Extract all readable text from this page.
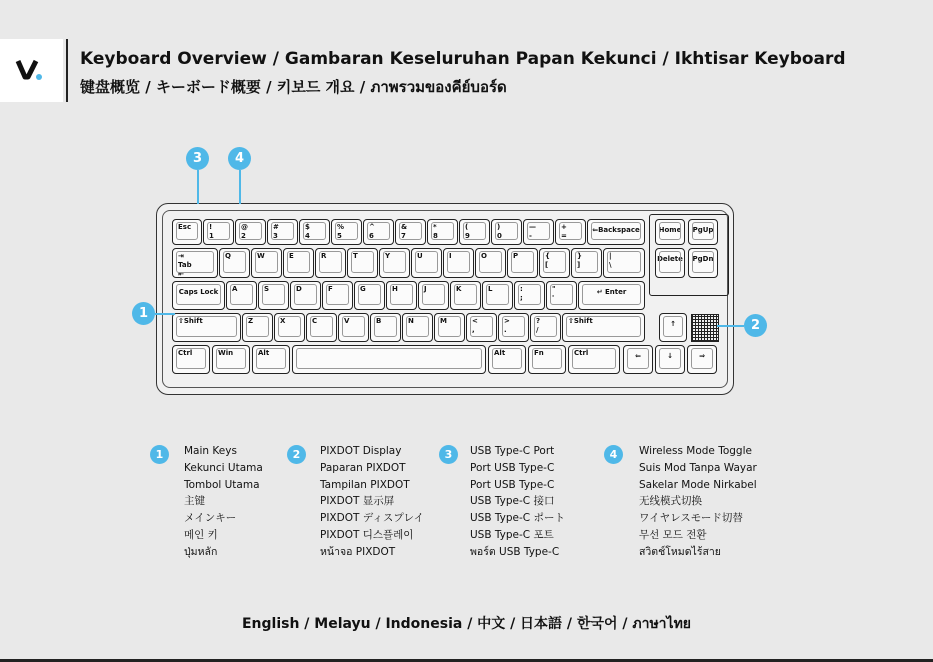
Keyboard Overview / Gambaran Keseluruhan Papan Kekunci / Ikhtisar Keyboard
键盘概览 / キーボード概要 / 키보드 개요 / ภาพรวมของคีย์บอร์ด
Esc	!
1
@
2
#
3
$
4
%
5
^
6
&
7
*
8
(
9
)
0
—
-
+
=
⇐Backspace	Home	PgUp
⇥
Tab
⇤
Q	W	E	R	T	Y	U	I	O	P	{
[
}
]
|
\
Delete	PgDn
Caps Lock	A	S	D	F	G	H	J	K	L	:
;
"
'
↵ Enter
⇧Shift	Z	X	C	V	B	N	M	<
,
>
.
?
/
⇧Shift	↑
Ctrl	Win	Alt	Alt	Fn	Ctrl	⇐	↓	⇒
3	4
1
2
1	Main Keys
Kekunci Utama
Tombol Utama
主键
メインキー
메인 키
ปุ่มหลัก
2	PIXDOT Display
Paparan PIXDOT
Tampilan PIXDOT
PIXDOT 显示屏
PIXDOT ディスプレイ
PIXDOT 디스플레이
หน้าจอ PIXDOT
3	USB Type-C Port
Port USB Type-C
Port USB Type-C
USB Type-C 接口
USB Type-C ポート
USB Type-C 포트
พอร์ต USB Type-C
4	Wireless Mode Toggle
Suis Mod Tanpa Wayar
Sakelar Mode Nirkabel
无线模式切换
ワイヤレスモード切替
무선 모드 전환
สวิตช์โหมดไร้สาย
English / Melayu / Indonesia / 中文 / 日本語 / 한국어 / ภาษาไทย
